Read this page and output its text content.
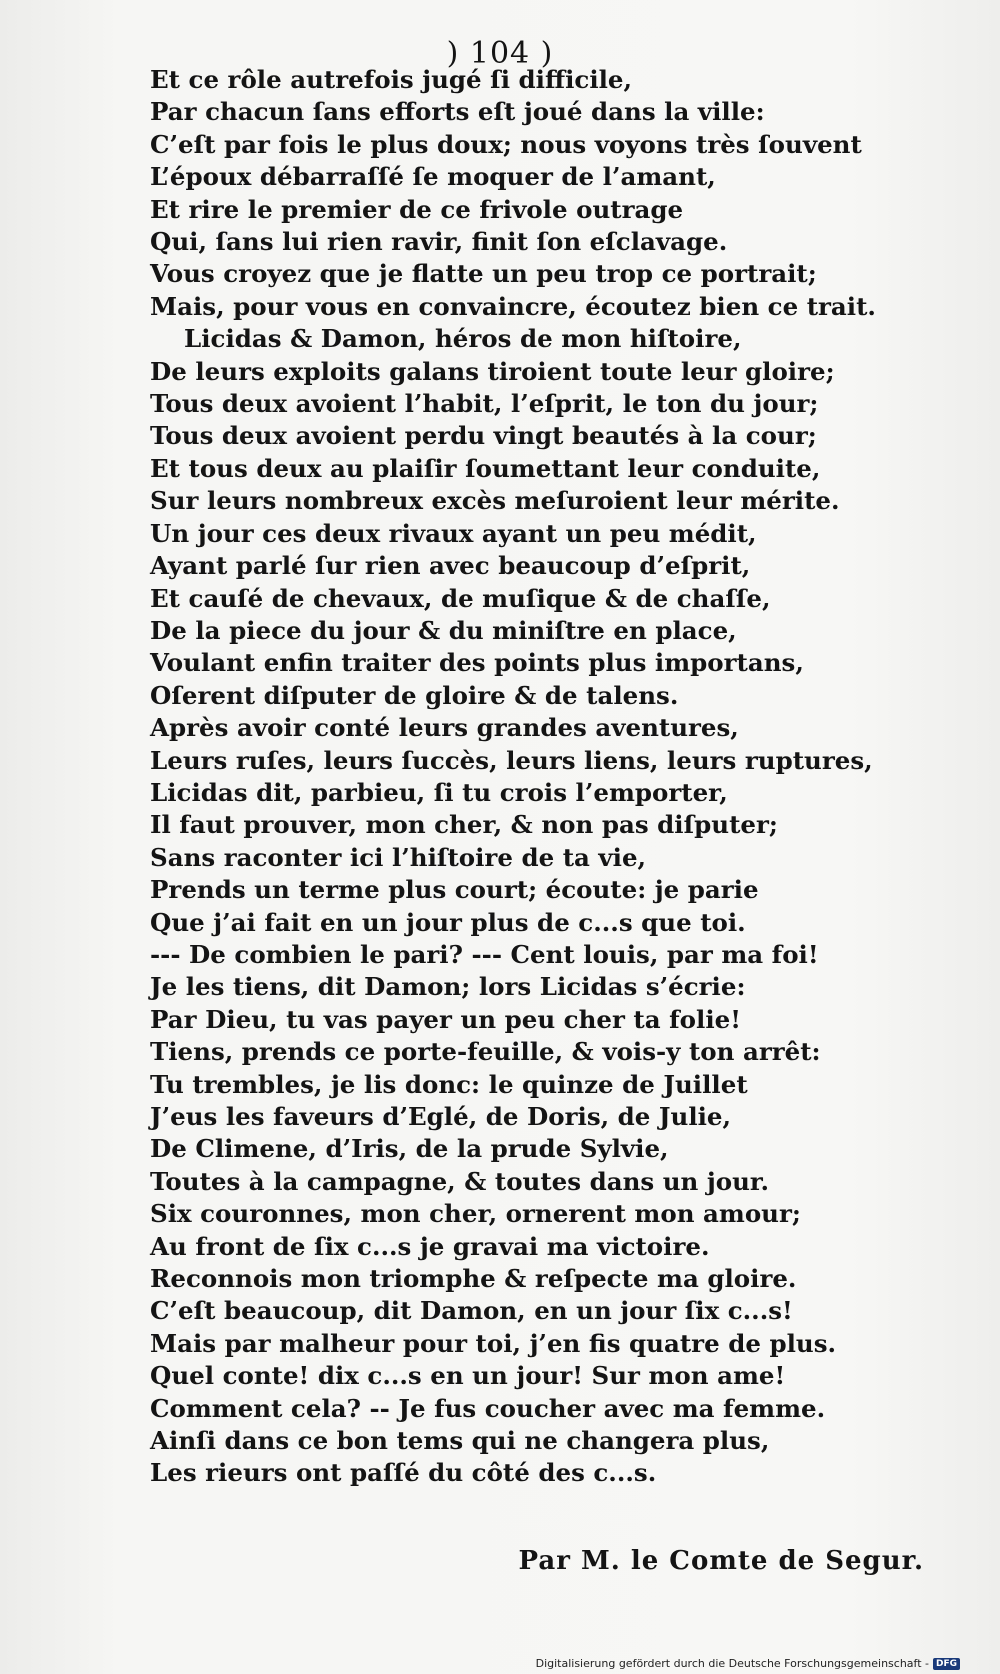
) 104 )
Et ce rôle autrefois jugé ſi difficile,
Par chacun ſans efforts eſt joué dans la ville:
C’eſt par fois le plus doux; nous voyons très ſouvent
L’époux débarraſſé ſe moquer de l’amant,
Et rire le premier de ce frivole outrage
Qui, ſans lui rien ravir, finit ſon eſclavage.
Vous croyez que je flatte un peu trop ce portrait;
Mais, pour vous en convaincre, écoutez bien ce trait.
Licidas & Damon, héros de mon hiſtoire,
De leurs exploits galans tiroient toute leur gloire;
Tous deux avoient l’habit, l’eſprit, le ton du jour;
Tous deux avoient perdu vingt beautés à la cour;
Et tous deux au plaiſir ſoumettant leur conduite,
Sur leurs nombreux excès meſuroient leur mérite.
Un jour ces deux rivaux ayant un peu médit,
Ayant parlé ſur rien avec beaucoup d’eſprit,
Et cauſé de chevaux, de muſique & de chaſſe,
De la piece du jour & du miniſtre en place,
Voulant enfin traiter des points plus importans,
Oſerent diſputer de gloire & de talens.
Après avoir conté leurs grandes aventures,
Leurs ruſes, leurs ſuccès, leurs liens, leurs ruptures,
Licidas dit, parbieu, ſi tu crois l’emporter,
Il faut prouver, mon cher, & non pas diſputer;
Sans raconter ici l’hiſtoire de ta vie,
Prends un terme plus court; écoute: je parie
Que j’ai fait en un jour plus de c...s que toi.
--- De combien le pari? --- Cent louis, par ma foi!
Je les tiens, dit Damon; lors Licidas s’écrie:
Par Dieu, tu vas payer un peu cher ta folie!
Tiens, prends ce porte-feuille, & vois-y ton arrêt:
Tu trembles, je lis donc: le quinze de Juillet
J’eus les faveurs d’Eglé, de Doris, de Julie,
De Climene, d’Iris, de la prude Sylvie,
Toutes à la campagne, & toutes dans un jour.
Six couronnes, mon cher, ornerent mon amour;
Au front de ſix c...s je gravai ma victoire.
Reconnois mon triomphe & reſpecte ma gloire.
C’eſt beaucoup, dit Damon, en un jour ſix c...s!
Mais par malheur pour toi, j’en fis quatre de plus.
Quel conte! dix c...s en un jour! Sur mon ame!
Comment cela? -- Je fus coucher avec ma femme.
Ainſi dans ce bon tems qui ne changera plus,
Les rieurs ont paſſé du côté des c...s.
Par M. le Comte de Segur.
Digitalisierung gefördert durch die Deutsche Forschungsgemeinschaft - DFG
